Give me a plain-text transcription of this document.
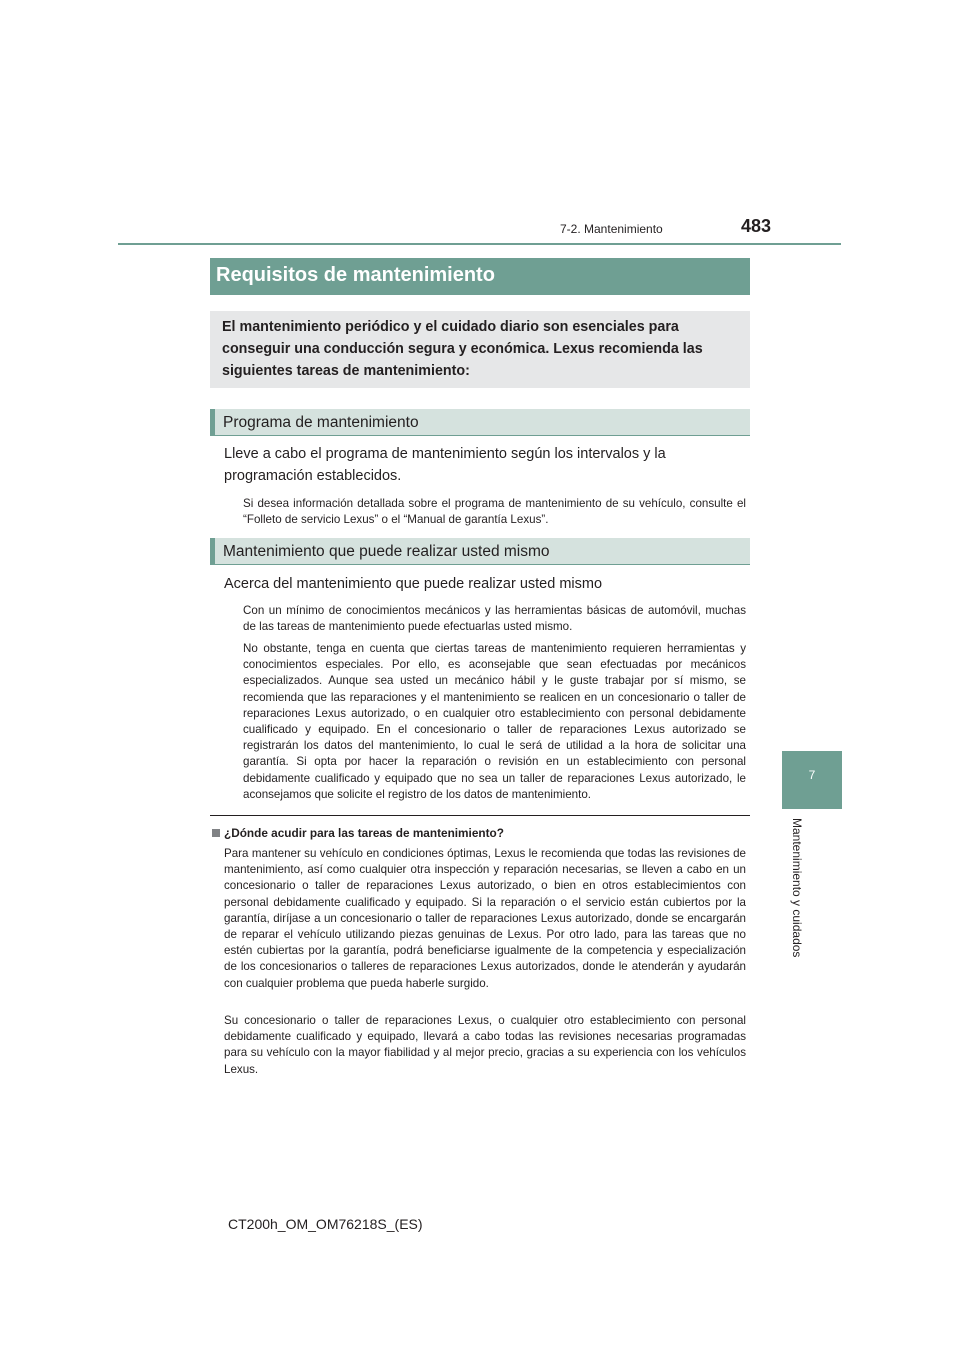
7-2. Mantenimiento	483
7
Mantenimiento y cuidados
Requisitos de mantenimiento
El mantenimiento periódico y el cuidado diario son esenciales para conseguir una conducción segura y económica. Lexus recomienda las siguientes tareas de mantenimiento:
Programa de mantenimiento
Lleve a cabo el programa de mantenimiento según los intervalos y la programación establecidos.
Si desea información detallada sobre el programa de mantenimiento de su vehículo, consulte el “Folleto de servicio Lexus” o el “Manual de garantía Lexus”.
Mantenimiento que puede realizar usted mismo
Acerca del mantenimiento que puede realizar usted mismo
Con un mínimo de conocimientos mecánicos y las herramientas básicas de automóvil, muchas de las tareas de mantenimiento puede efectuarlas usted mismo.
No obstante, tenga en cuenta que ciertas tareas de mantenimiento requieren herramientas y conocimientos especiales. Por ello, es aconsejable que sean efectuadas por mecánicos especializados. Aunque sea usted un mecánico hábil y le guste trabajar por sí mismo, se recomienda que las reparaciones y el mantenimiento se realicen en un concesionario o taller de reparaciones Lexus autorizado, o en cualquier otro establecimiento con personal debidamente cualificado y equipado. En el concesionario o taller de reparaciones Lexus autorizado se registrarán los datos del mantenimiento, lo cual le será de utilidad a la hora de solicitar una garantía. Si opta por hacer la reparación o revisión en un establecimiento con personal debidamente cualificado y equipado que no sea un taller de reparaciones Lexus autorizado, le aconsejamos que solicite el registro de los datos de mantenimiento.
¿Dónde acudir para las tareas de mantenimiento?
Para mantener su vehículo en condiciones óptimas, Lexus le recomienda que todas las revisiones de mantenimiento, así como cualquier otra inspección y reparación necesarias, se lleven a cabo en un concesionario o taller de reparaciones Lexus autorizado, o bien en otros establecimientos con personal debidamente cualificado y equipado. Si la reparación o el servicio están cubiertos por la garantía, diríjase a un concesionario o taller de reparaciones Lexus autorizado, donde se encargarán de reparar el vehículo utilizando piezas genuinas de Lexus. Por otro lado, para las tareas que no estén cubiertas por la garantía, podrá beneficiarse igualmente de la competencia y especialización de los concesionarios o talleres de reparaciones Lexus autorizados, donde le atenderán y ayudarán con cualquier problema que pueda haberle surgido.
Su concesionario o taller de reparaciones Lexus, o cualquier otro establecimiento con personal debidamente cualificado y equipado, llevará a cabo todas las revisiones necesarias programadas para su vehículo con la mayor fiabilidad y al mejor precio, gracias a su experiencia con los vehículos Lexus.
CT200h_OM_OM76218S_(ES)
